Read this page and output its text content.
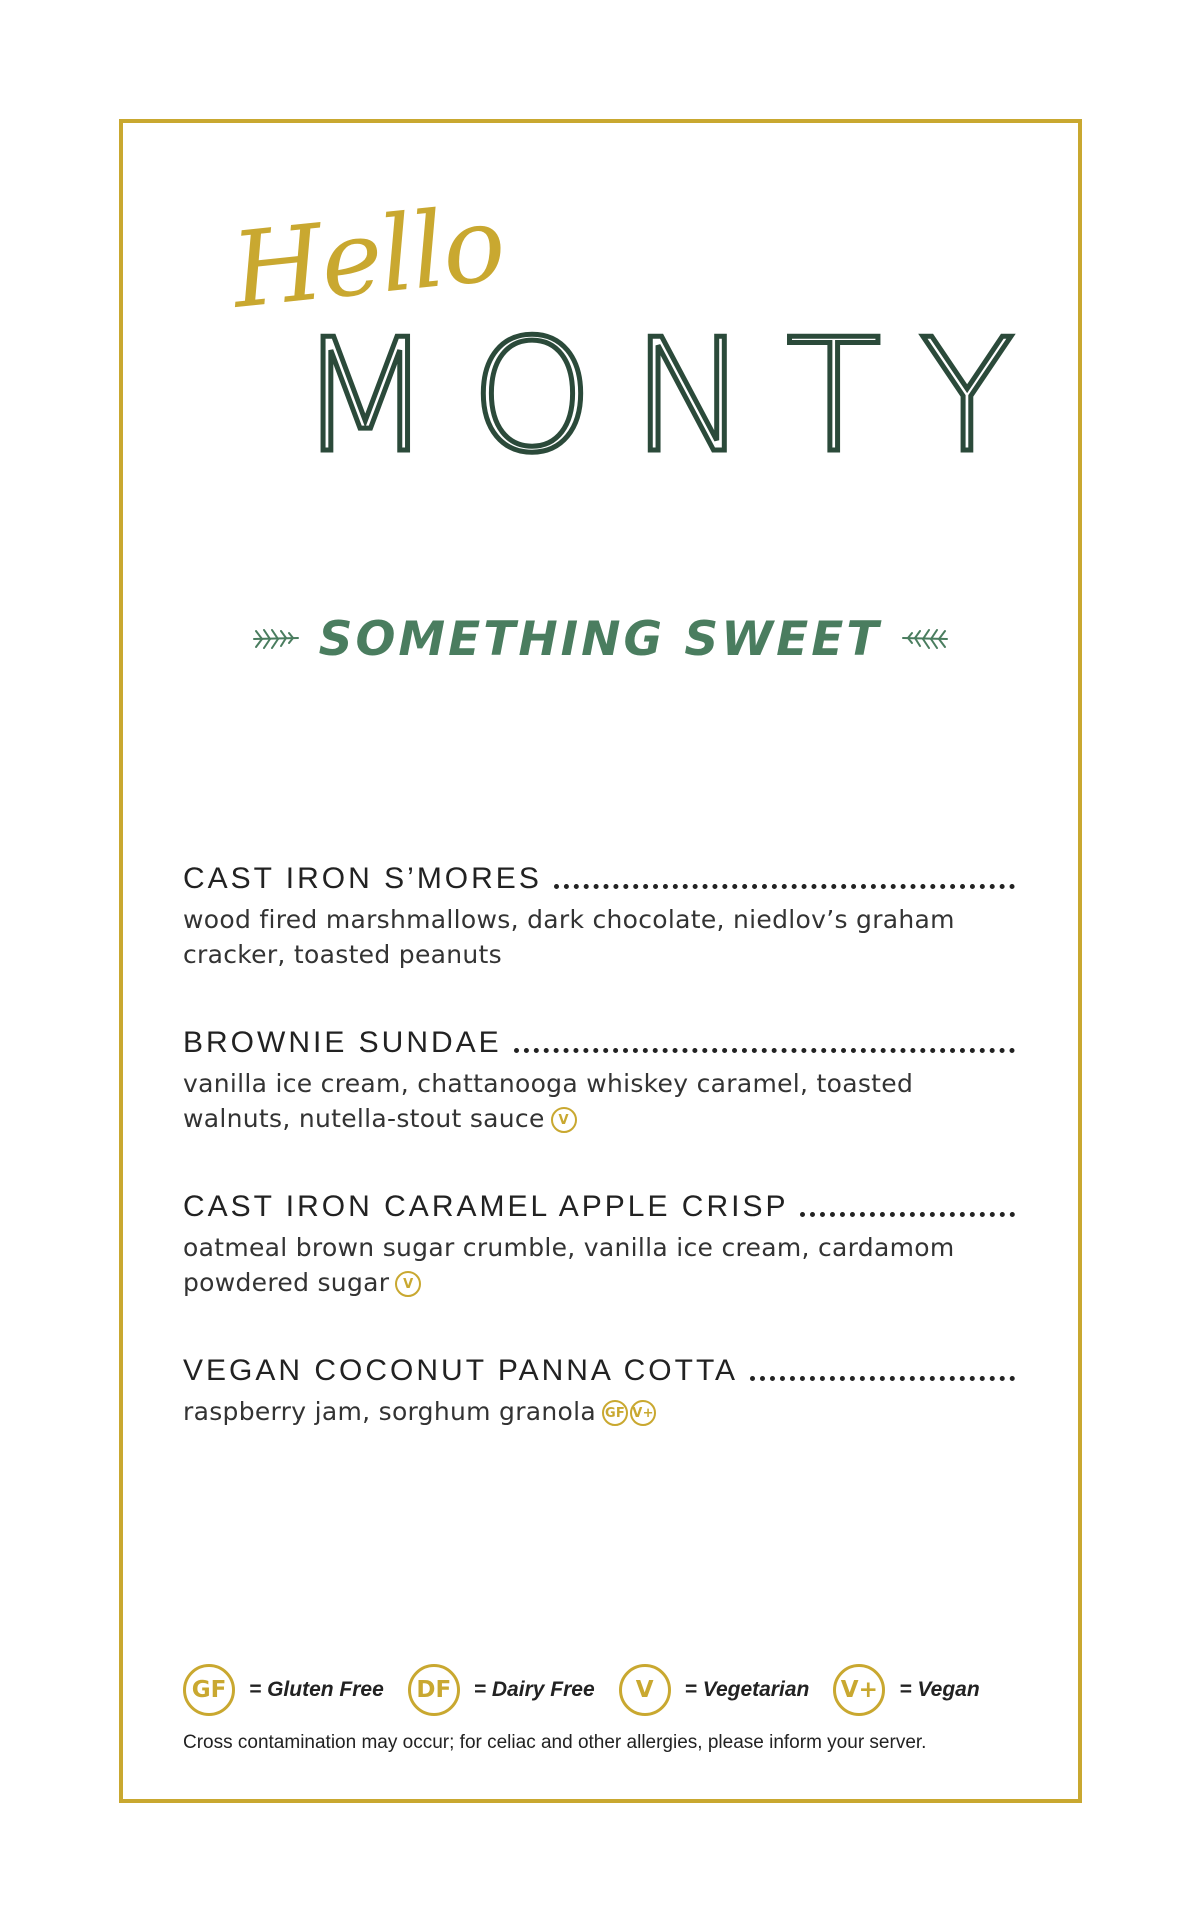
Hello
MONTY
SOMETHING SWEET
CAST IRON S’MORES
wood fired marshmallows, dark chocolate, niedlov’s graham cracker, toasted peanuts
BROWNIE SUNDAE
vanilla ice cream, chattanooga whiskey caramel, toasted walnuts, nutella-stout sauce V
CAST IRON CARAMEL APPLE CRISP
oatmeal brown sugar crumble, vanilla ice cream, cardamom powdered sugar V
VEGAN COCONUT PANNA COTTA
raspberry jam, sorghum granola GF V+
GF	= Gluten Free	DF	= Dairy Free	V	= Vegetarian	V+	= Vegan
Cross contamination may occur; for celiac and other allergies, please inform your server.
